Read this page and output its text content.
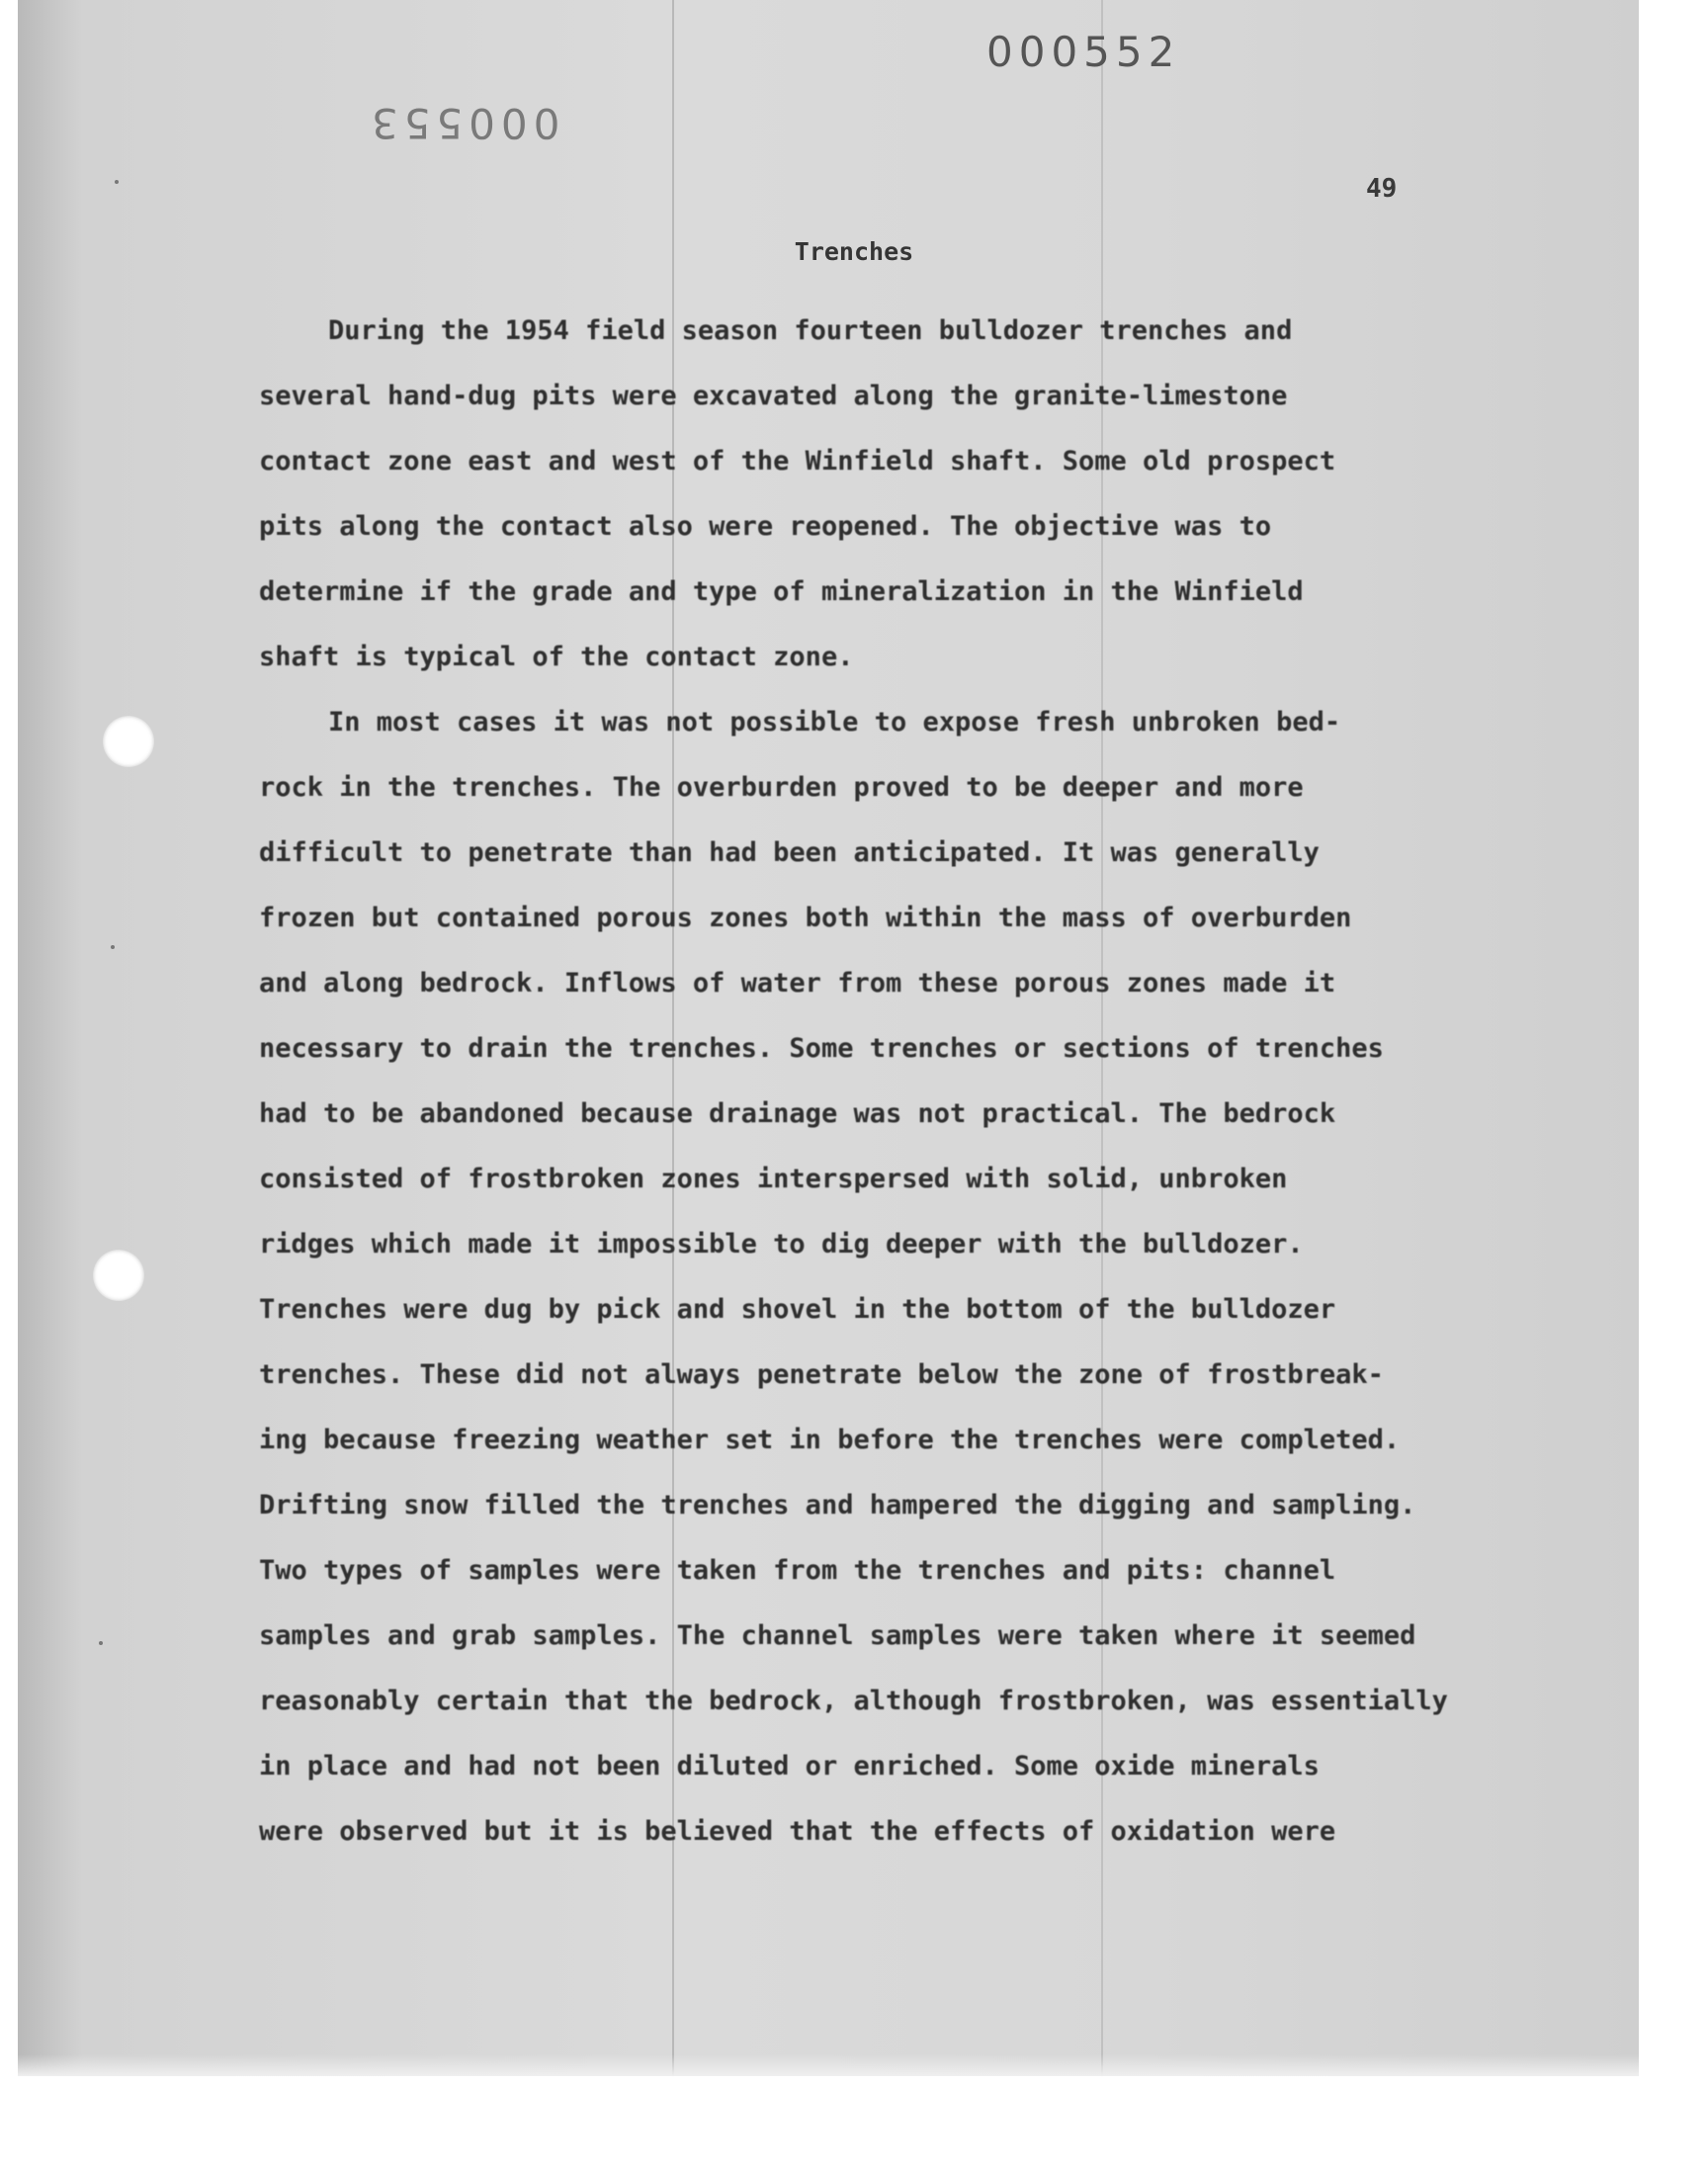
000552
000553
49
Trenches
During the 1954 field season fourteen bulldozer trenches and
several hand-dug pits were excavated along the granite-limestone
contact zone east and west of the Winfield shaft. Some old prospect
pits along the contact also were reopened. The objective was to
determine if the grade and type of mineralization in the Winfield
shaft is typical of the contact zone.
In most cases it was not possible to expose fresh unbroken bed-
rock in the trenches. The overburden proved to be deeper and more
difficult to penetrate than had been anticipated. It was generally
frozen but contained porous zones both within the mass of overburden
and along bedrock. Inflows of water from these porous zones made it
necessary to drain the trenches. Some trenches or sections of trenches
had to be abandoned because drainage was not practical. The bedrock
consisted of frostbroken zones interspersed with solid, unbroken
ridges which made it impossible to dig deeper with the bulldozer.
Trenches were dug by pick and shovel in the bottom of the bulldozer
trenches. These did not always penetrate below the zone of frostbreak-
ing because freezing weather set in before the trenches were completed.
Drifting snow filled the trenches and hampered the digging and sampling.
Two types of samples were taken from the trenches and pits: channel
samples and grab samples. The channel samples were taken where it seemed
reasonably certain that the bedrock, although frostbroken, was essentially
in place and had not been diluted or enriched. Some oxide minerals
were observed but it is believed that the effects of oxidation were
